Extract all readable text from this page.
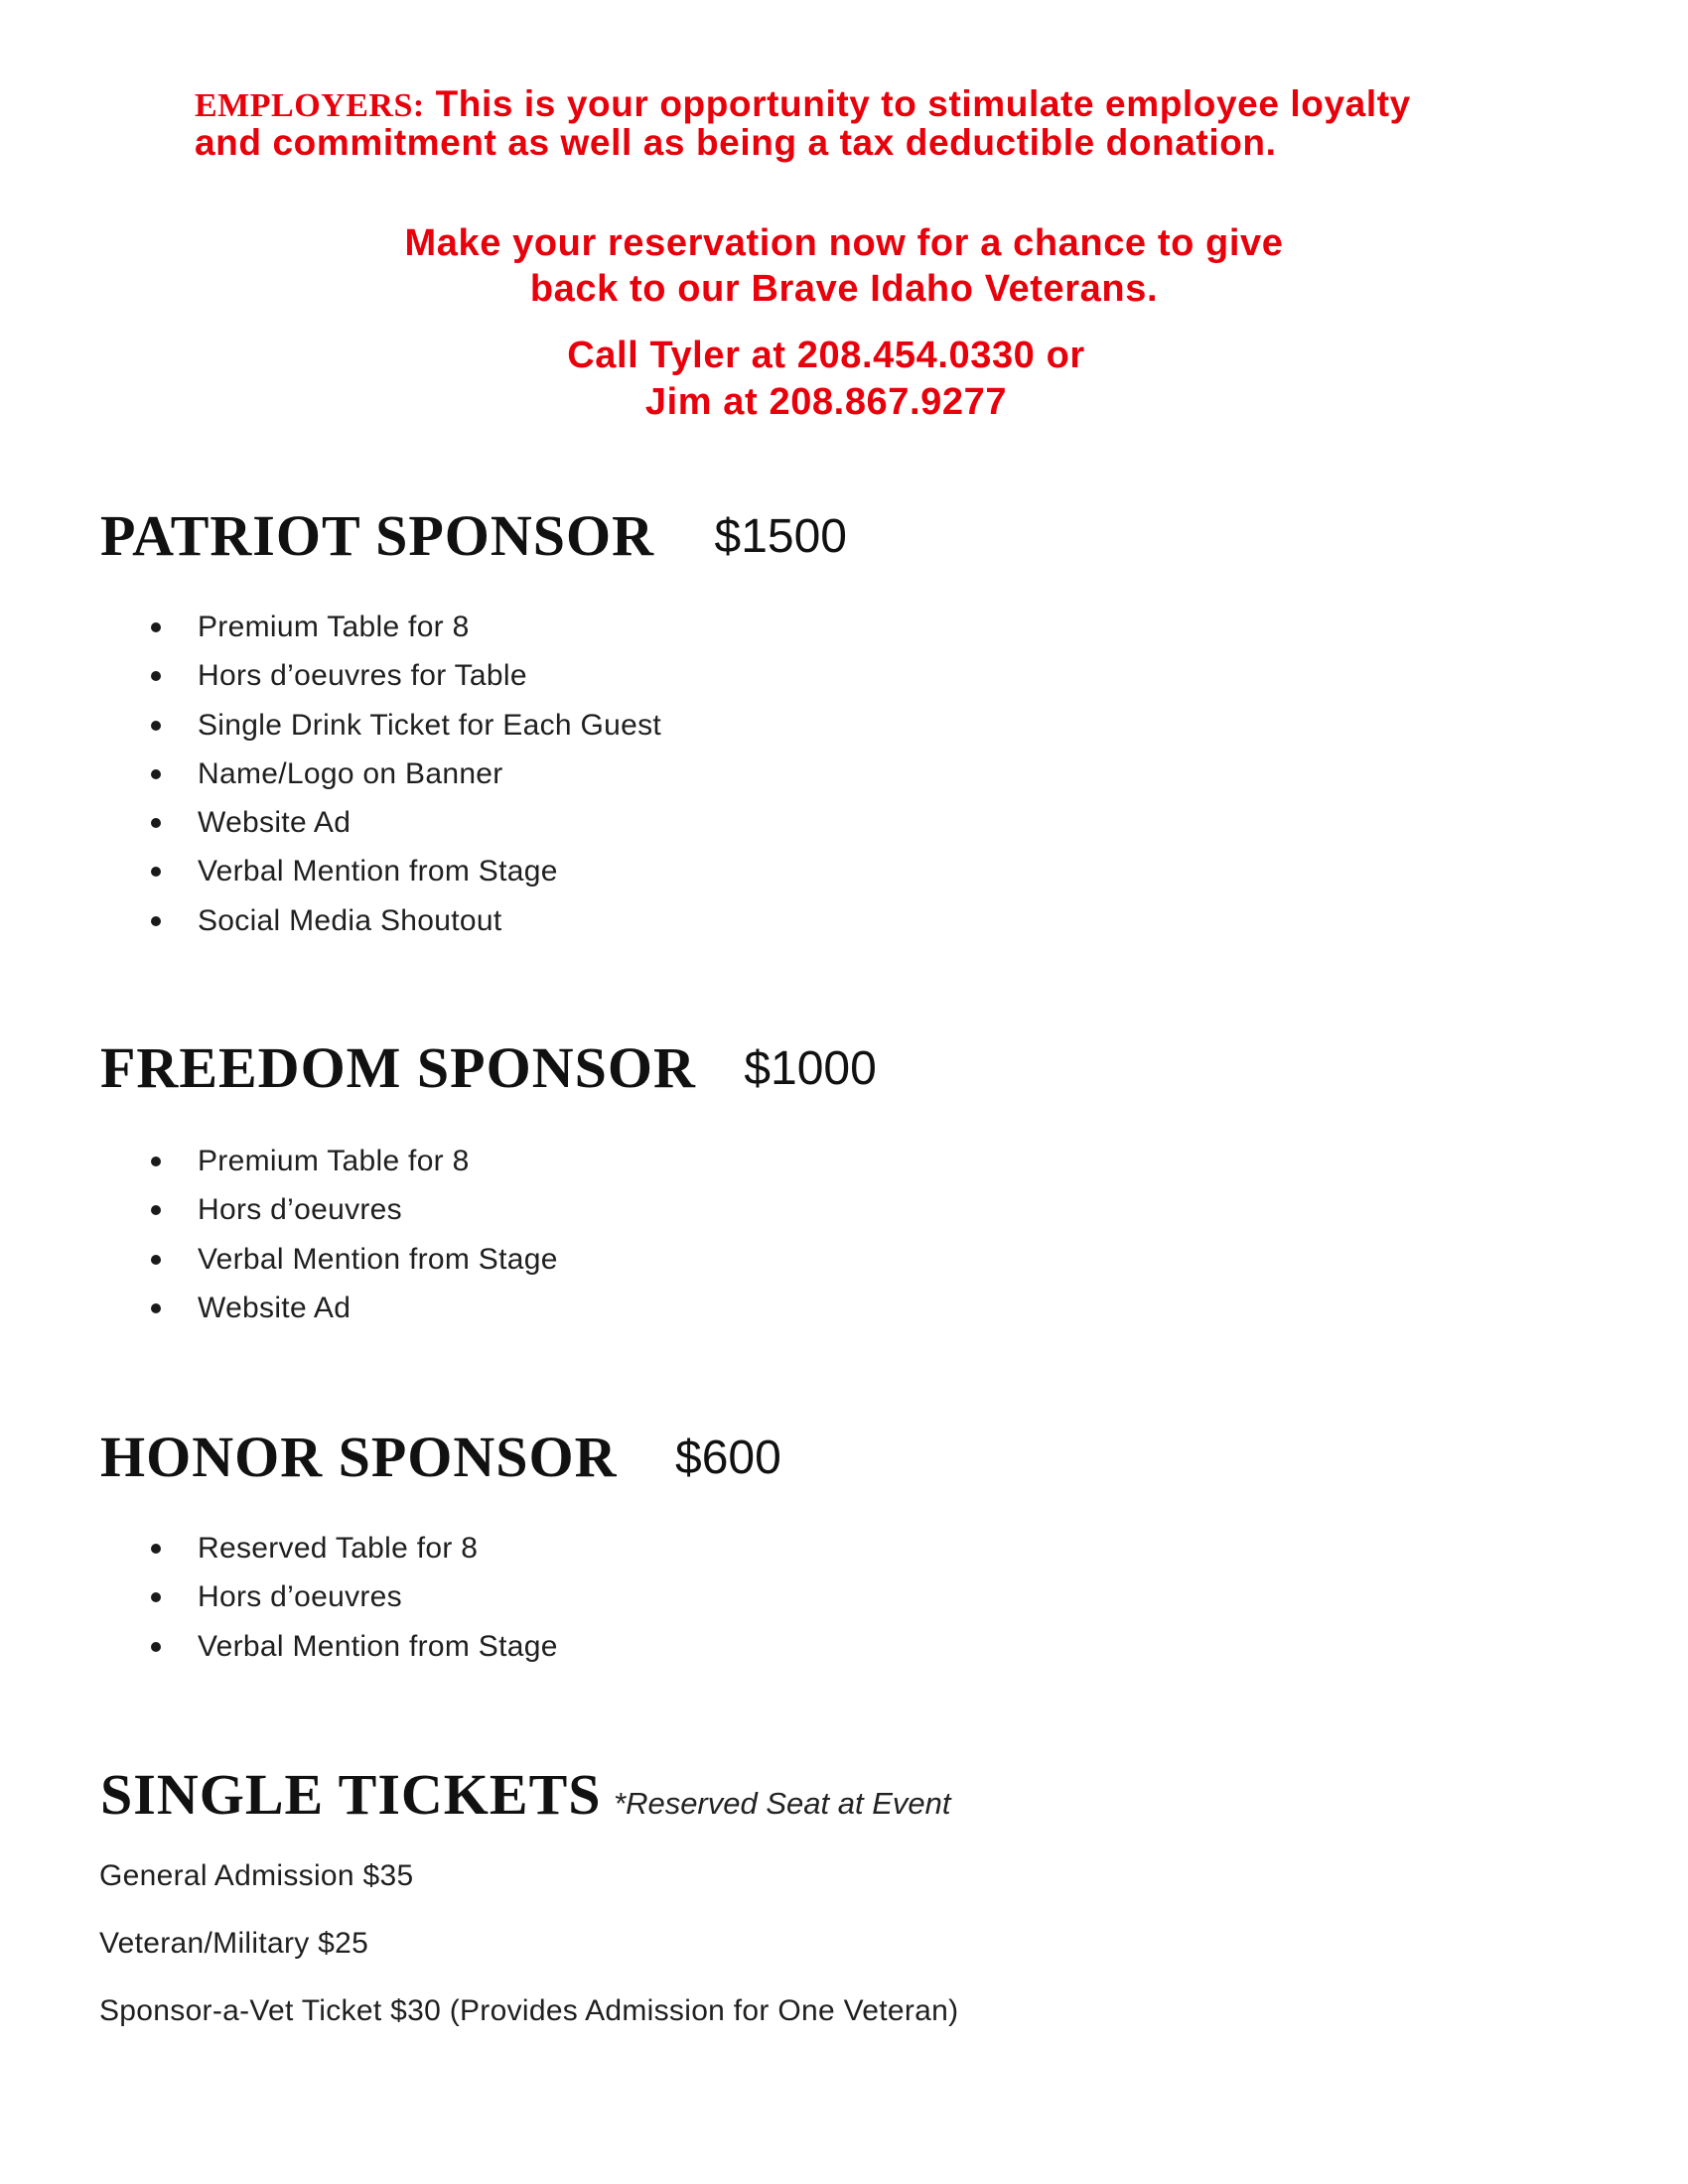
EMPLOYERS: This is your opportunity to stimulate employee loyalty and commitment as well as being a tax deductible donation.
Make your reservation now for a chance to give
back to our Brave Idaho Veterans.
Call Tyler at 208.454.0330 or
Jim at 208.867.9277
PATRIOT SPONSOR $1500
Premium Table for 8
Hors d’oeuvres for Table
Single Drink Ticket for Each Guest
Name/Logo on Banner
Website Ad
Verbal Mention from Stage
Social Media Shoutout
FREEDOM SPONSOR $1000
Premium Table for 8
Hors d’oeuvres
Verbal Mention from Stage
Website Ad
HONOR SPONSOR $600
Reserved Table for 8
Hors d’oeuvres
Verbal Mention from Stage
SINGLE TICKETS *Reserved Seat at Event
General Admission $35
Veteran/Military $25
Sponsor-a-Vet Ticket $30 (Provides Admission for One Veteran)
